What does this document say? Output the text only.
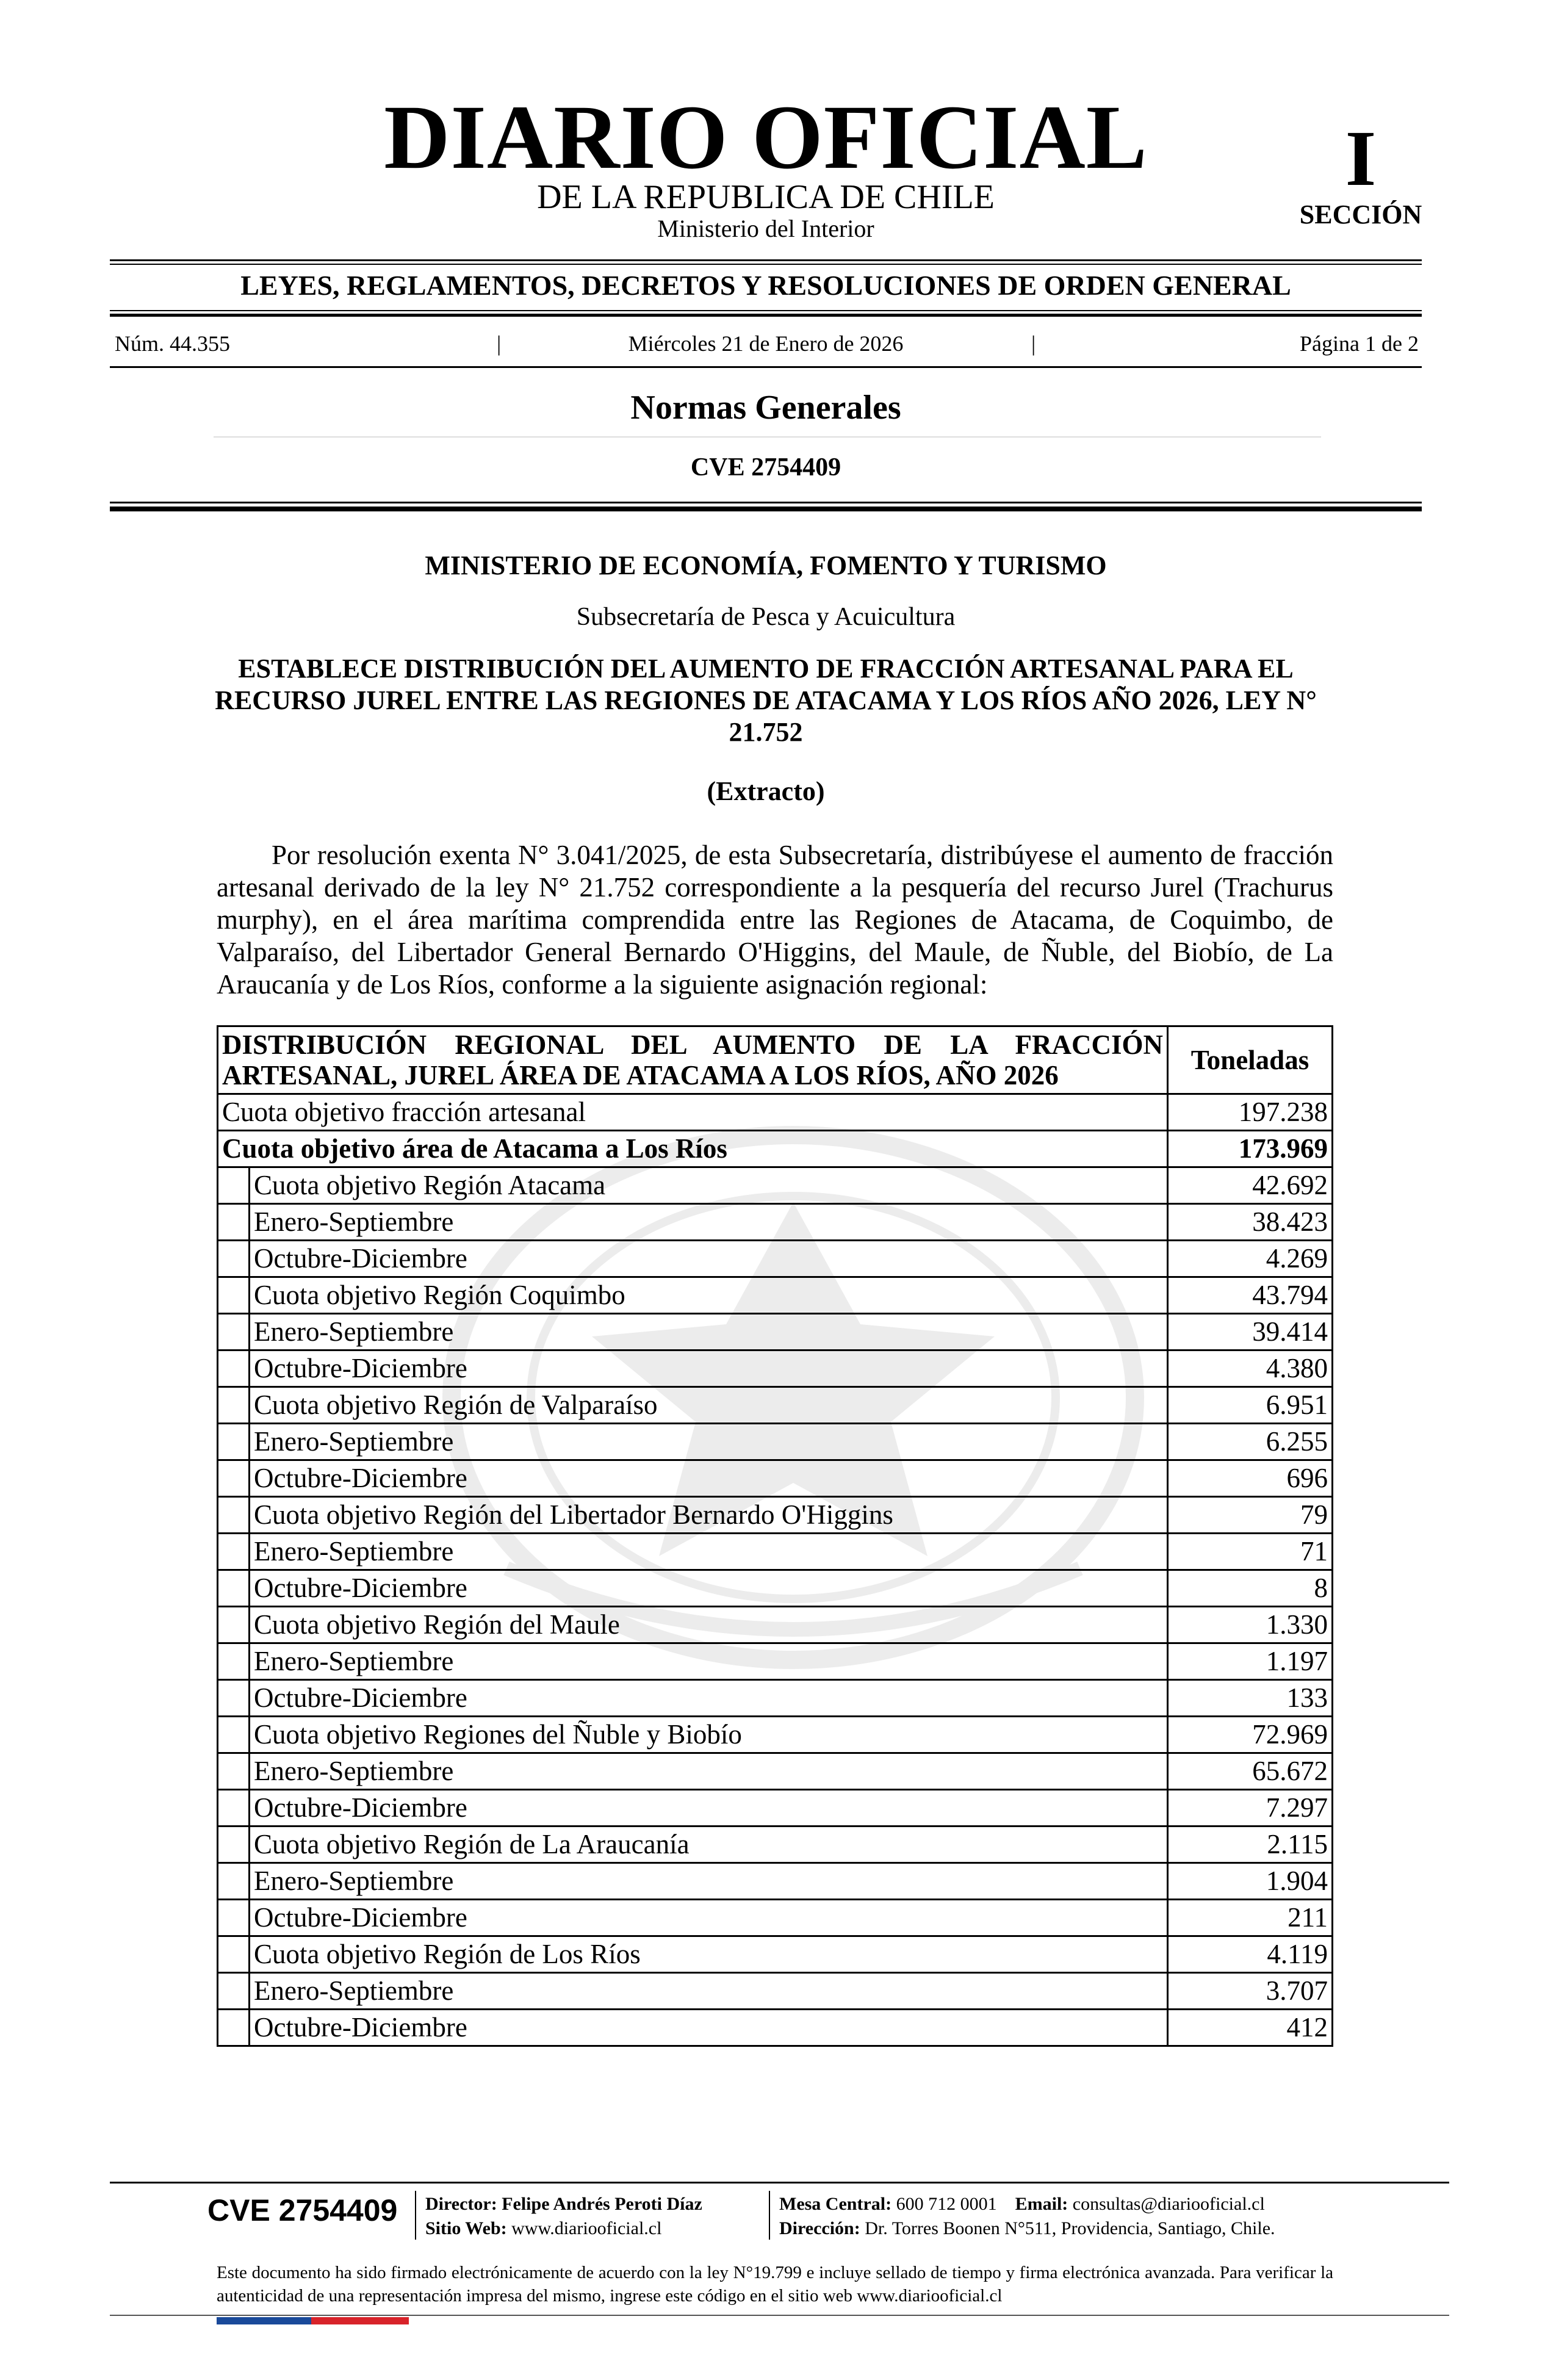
DIARIO OFICIAL
DE LA REPUBLICA DE CHILE
Ministerio del Interior
I
SECCIÓN
LEYES, REGLAMENTOS, DECRETOS Y RESOLUCIONES DE ORDEN GENERAL
Núm. 44.355	|	Miércoles 21 de Enero de 2026	|	Página 1 de 2
Normas Generales
CVE 2754409
MINISTERIO DE ECONOMÍA, FOMENTO Y TURISMO
Subsecretaría de Pesca y Acuicultura
ESTABLECE DISTRIBUCIÓN DEL AUMENTO DE FRACCIÓN ARTESANAL PARA EL RECURSO JUREL ENTRE LAS REGIONES DE ATACAMA Y LOS RÍOS AÑO 2026, LEY N° 21.752
(Extracto)
Por resolución exenta N° 3.041/2025, de esta Subsecretaría, distribúyese el aumento de fracción artesanal derivado de la ley N° 21.752 correspondiente a la pesquería del recurso Jurel (Trachurus murphy), en el área marítima comprendida entre las Regiones de Atacama, de Coquimbo, de Valparaíso, del Libertador General Bernardo O'Higgins, del Maule, de Ñuble, del Biobío, de La Araucanía y de Los Ríos, conforme a la siguiente asignación regional:
DISTRIBUCIÓN REGIONAL DEL AUMENTO DE LA FRACCIÓN ARTESANAL, JUREL ÁREA DE ATACAMA A LOS RÍOS, AÑO 2026		Toneladas
Cuota objetivo fracción artesanal		197.238
Cuota objetivo área de Atacama a Los Ríos		173.969
	Cuota objetivo Región Atacama	42.692
	Enero-Septiembre	38.423
	Octubre-Diciembre	4.269
	Cuota objetivo Región Coquimbo	43.794
	Enero-Septiembre	39.414
	Octubre-Diciembre	4.380
	Cuota objetivo Región de Valparaíso	6.951
	Enero-Septiembre	6.255
	Octubre-Diciembre	696
	Cuota objetivo Región del Libertador Bernardo O'Higgins	79
	Enero-Septiembre	71
	Octubre-Diciembre	8
	Cuota objetivo Región del Maule	1.330
	Enero-Septiembre	1.197
	Octubre-Diciembre	133
	Cuota objetivo Regiones del Ñuble y Biobío	72.969
	Enero-Septiembre	65.672
	Octubre-Diciembre	7.297
	Cuota objetivo Región de La Araucanía	2.115
	Enero-Septiembre	1.904
	Octubre-Diciembre	211
	Cuota objetivo Región de Los Ríos	4.119
	Enero-Septiembre	3.707
	Octubre-Diciembre	412
CVE 2754409 Director: Felipe Andrés Peroti Díaz
Sitio Web: www.diariooficial.cl
Mesa Central: 600 712 0001 Email: consultas@diariooficial.cl
Dirección: Dr. Torres Boonen N°511, Providencia, Santiago, Chile.
Este documento ha sido firmado electrónicamente de acuerdo con la ley N°19.799 e incluye sellado de tiempo y firma electrónica avanzada. Para verificar la autenticidad de una representación impresa del mismo, ingrese este código en el sitio web www.diariooficial.cl
